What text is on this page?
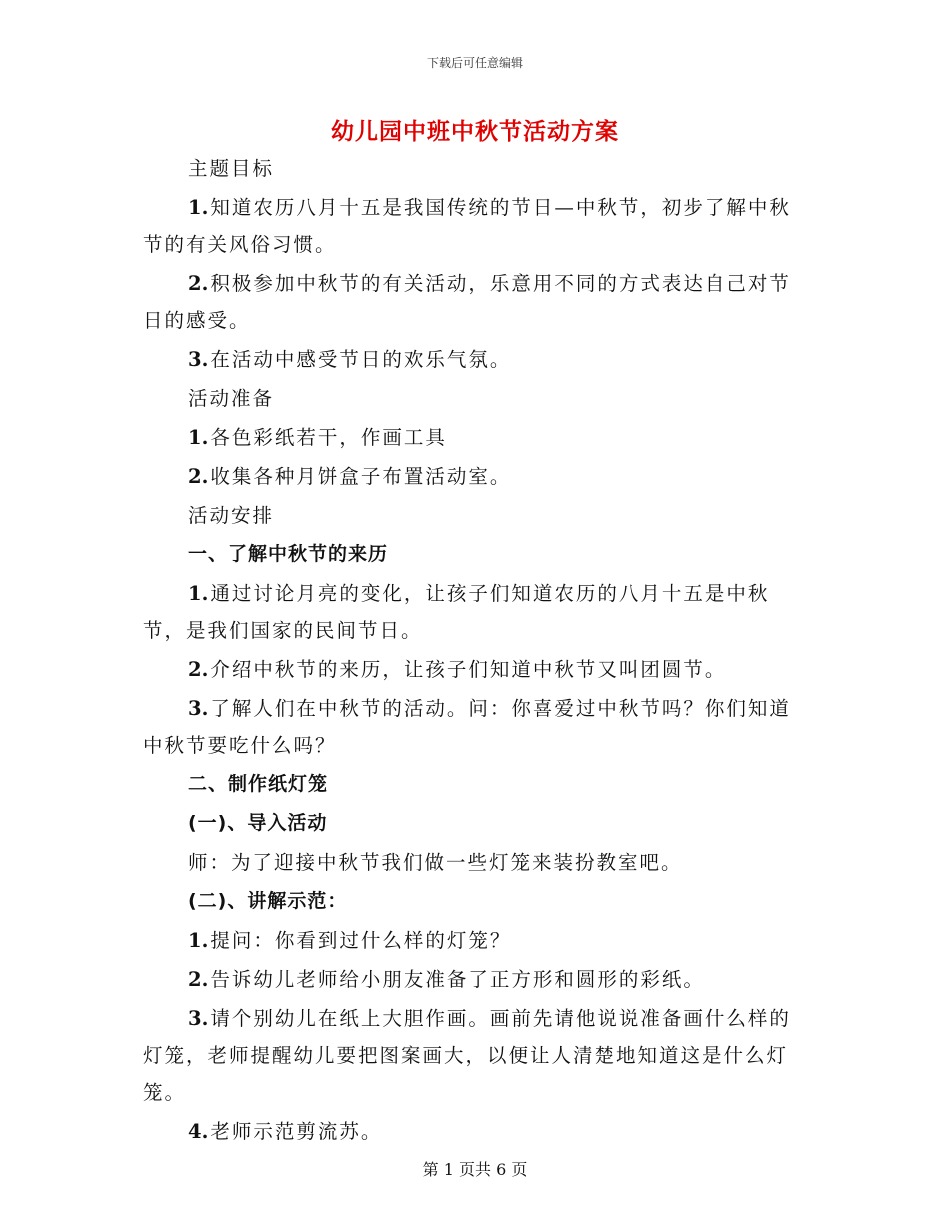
下载后可任意编辑
幼儿园中班中秋节活动方案

主题目标

1. 知道农历八月十五是我国传统的节日—中秋节，初步了解中秋节的有关风俗习惯。

2. 积极参加中秋节的有关活动，乐意用不同的方式表达自己对节日的感受。

3. 在活动中感受节日的欢乐气氛。

活动准备

1. 各色彩纸若干，作画工具

2. 收集各种月饼盒子布置活动室。

活动安排

一、了解中秋节的来历

1. 通过讨论月亮的变化，让孩子们知道农历的八月十五是中秋节，是我们国家的民间节日。

2. 介绍中秋节的来历，让孩子们知道中秋节又叫团圆节。

3. 了解人们在中秋节的活动。问：你喜爱过中秋节吗？你们知道中秋节要吃什么吗？

二、制作纸灯笼

(一)、导入活动

师：为了迎接中秋节我们做一些灯笼来装扮教室吧。

(二)、讲解示范：

1. 提问：你看到过什么样的灯笼？

2. 告诉幼儿老师给小朋友准备了正方形和圆形的彩纸。

3. 请个别幼儿在纸上大胆作画。画前先请他说说准备画什么样的灯笼，老师提醒幼儿要把图案画大，以便让人清楚地知道这是什么灯笼。

4. 老师示范剪流苏。

第 1 页共 6 页
